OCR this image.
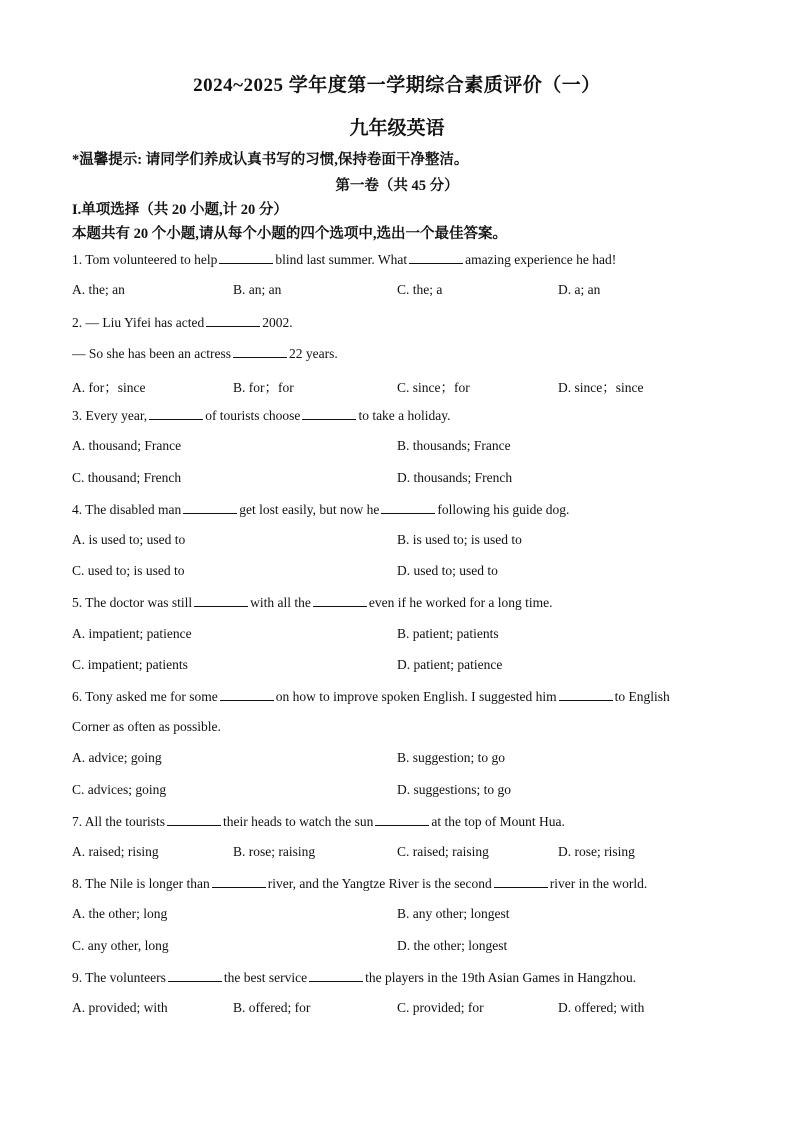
2024~2025 学年度第一学期综合素质评价（一）
九年级英语
*温馨提示: 请同学们养成认真书写的习惯,保持卷面干净整洁。
第一卷（共 45 分）
I.单项选择（共 20 小题,计 20 分）
本题共有 20 个小题,请从每个小题的四个选项中,选出一个最佳答案。
1. Tom volunteered to help	blind last summer. What	amazing experience he had!
A. the; an	B. an; an	C. the; a	D. a; an
2. — Liu Yifei has acted	2002.
— So she has been an actress	22 years.
A. for；since	B. for；for	C. since；for	D. since；since
3. Every year,	of tourists choose	to take a holiday.
A. thousand; France	B. thousands; France
C. thousand; French	D. thousands; French
4. The disabled man	get lost easily, but now he	following his guide dog.
A. is used to; used to	B. is used to; is used to
C. used to; is used to	D. used to; used to
5. The doctor was still	with all the	even if he worked for a long time.
A. impatient; patience	B. patient; patients
C. impatient; patients	D. patient; patience
6. Tony asked me for some	on how to improve spoken English. I suggested him	to English
Corner as often as possible.
A. advice; going	B. suggestion; to go
C. advices; going	D. suggestions; to go
7. All the tourists	their heads to watch the sun	at the top of Mount Hua.
A. raised; rising	B. rose; raising	C. raised; raising	D. rose; rising
8. The Nile is longer than	river, and the Yangtze River is the second	river in the world.
A. the other; long	B. any other; longest
C. any other, long	D. the other; longest
9. The volunteers	the best service	the players in the 19th Asian Games in Hangzhou.
A. provided; with	B. offered; for	C. provided; for	D. offered; with
